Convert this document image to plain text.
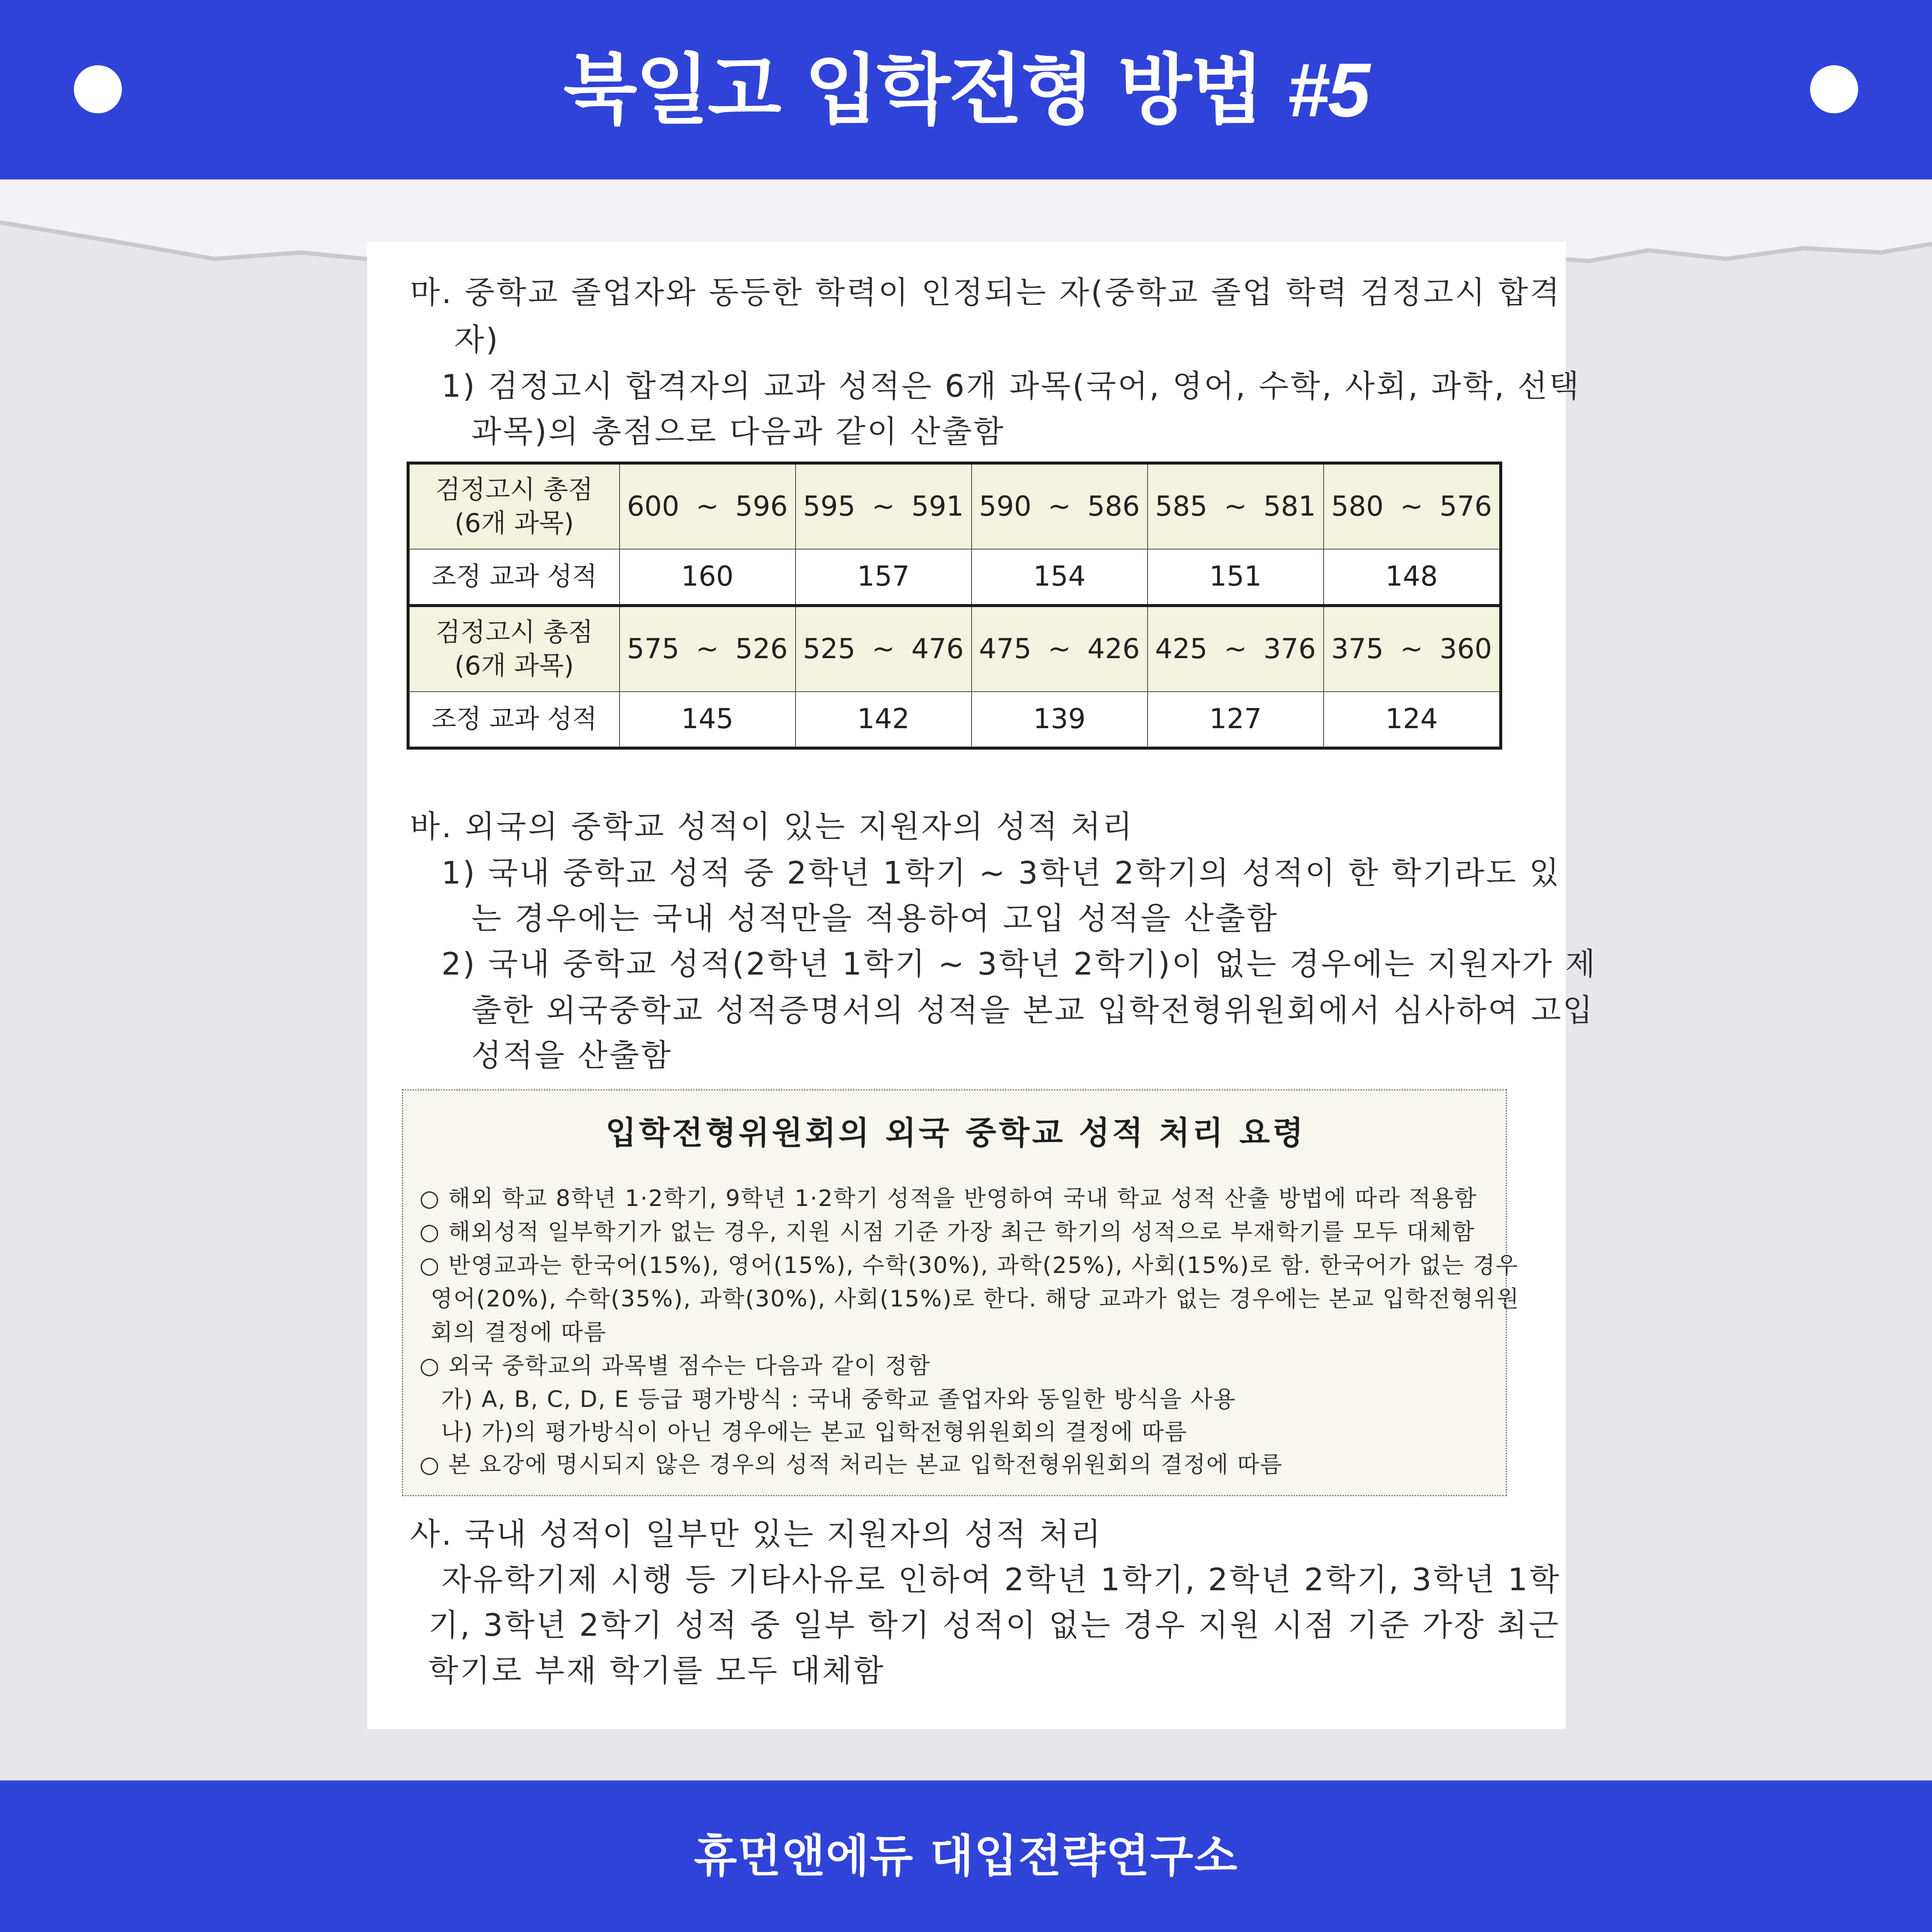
북일고 입학전형 방법 #5
마. 중학교 졸업자와 동등한 학력이 인정되는 자(중학교 졸업 학력 검정고시 합격
자)
1) 검정고시 합격자의 교과 성적은 6개 과목(국어, 영어, 수학, 사회, 과학, 선택
과목)의 총점으로 다음과 같이 산출함
검정고시 총점
(6개 과목)	600 ~ 596	595 ~ 591	590 ~ 586	585 ~ 581	580 ~ 576
조정 교과 성적	160	157	154	151	148
검정고시 총점
(6개 과목)	575 ~ 526	525 ~ 476	475 ~ 426	425 ~ 376	375 ~ 360
조정 교과 성적	145	142	139	127	124
바. 외국의 중학교 성적이 있는 지원자의 성적 처리
1) 국내 중학교 성적 중 2학년 1학기 ~ 3학년 2학기의 성적이 한 학기라도 있
는 경우에는 국내 성적만을 적용하여 고입 성적을 산출함
2) 국내 중학교 성적(2학년 1학기 ~ 3학년 2학기)이 없는 경우에는 지원자가 제
출한 외국중학교 성적증명서의 성적을 본교 입학전형위원회에서 심사하여 고입
성적을 산출함
입학전형위원회의 외국 중학교 성적 처리 요령
○ 해외 학교 8학년 1·2학기, 9학년 1·2학기 성적을 반영하여 국내 학교 성적 산출 방법에 따라 적용함
○ 해외성적 일부학기가 없는 경우, 지원 시점 기준 가장 최근 학기의 성적으로 부재학기를 모두 대체함
○ 반영교과는 한국어(15%), 영어(15%), 수학(30%), 과학(25%), 사회(15%)로 함. 한국어가 없는 경우
영어(20%), 수학(35%), 과학(30%), 사회(15%)로 한다. 해당 교과가 없는 경우에는 본교 입학전형위원
회의 결정에 따름
○ 외국 중학교의 과목별 점수는 다음과 같이 정함
가) A, B, C, D, E 등급 평가방식 : 국내 중학교 졸업자와 동일한 방식을 사용
나) 가)의 평가방식이 아닌 경우에는 본교 입학전형위원회의 결정에 따름
○ 본 요강에 명시되지 않은 경우의 성적 처리는 본교 입학전형위원회의 결정에 따름
사. 국내 성적이 일부만 있는 지원자의 성적 처리
자유학기제 시행 등 기타사유로 인하여 2학년 1학기, 2학년 2학기, 3학년 1학
기, 3학년 2학기 성적 중 일부 학기 성적이 없는 경우 지원 시점 기준 가장 최근
학기로 부재 학기를 모두 대체함
휴먼앤에듀 대입전략연구소
